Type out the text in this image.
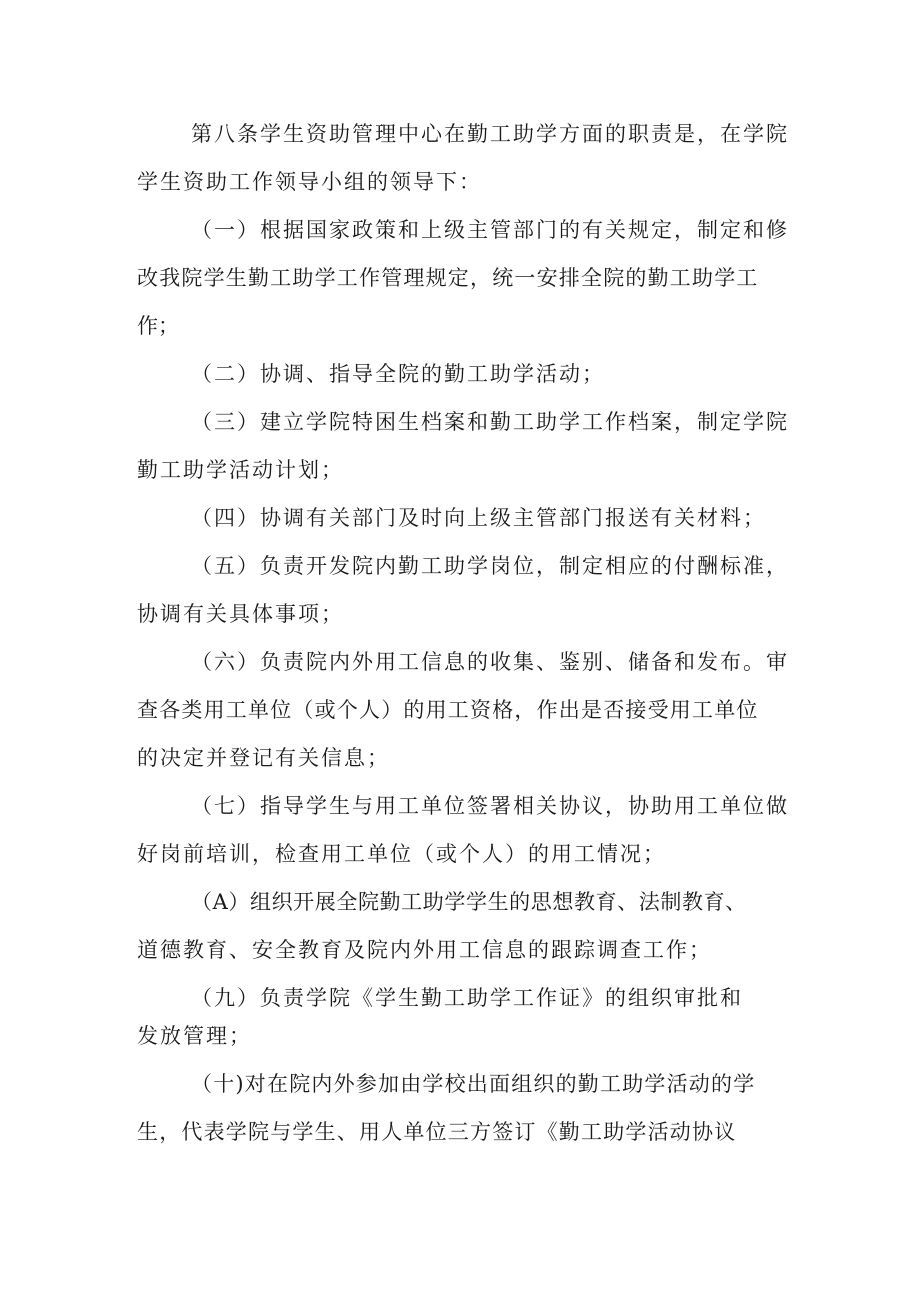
第八条学生资助管理中心在勤工助学方面的职责是，在学院
学生资助工作领导小组的领导下：
（一）根据国家政策和上级主管部门的有关规定，制定和修
改我院学生勤工助学工作管理规定，统一安排全院的勤工助学工
作；
（二）协调、指导全院的勤工助学活动；
（三）建立学院特困生档案和勤工助学工作档案，制定学院
勤工助学活动计划；
（四）协调有关部门及时向上级主管部门报送有关材料；
（五）负责开发院内勤工助学岗位，制定相应的付酬标准，
协调有关具体事项；
（六）负责院内外用工信息的收集、鉴别、储备和发布。审
查各类用工单位（或个人）的用工资格，作出是否接受用工单位
的决定并登记有关信息；
（七）指导学生与用工单位签署相关协议，协助用工单位做
好岗前培训，检查用工单位（或个人）的用工情况；
（A）组织开展全院勤工助学学生的思想教育、法制教育、
道德教育、安全教育及院内外用工信息的跟踪调查工作；
（九）负责学院《学生勤工助学工作证》的组织审批和
发放管理；
（十)对在院内外参加由学校出面组织的勤工助学活动的学
生，代表学院与学生、用人单位三方签订《勤工助学活动协议
